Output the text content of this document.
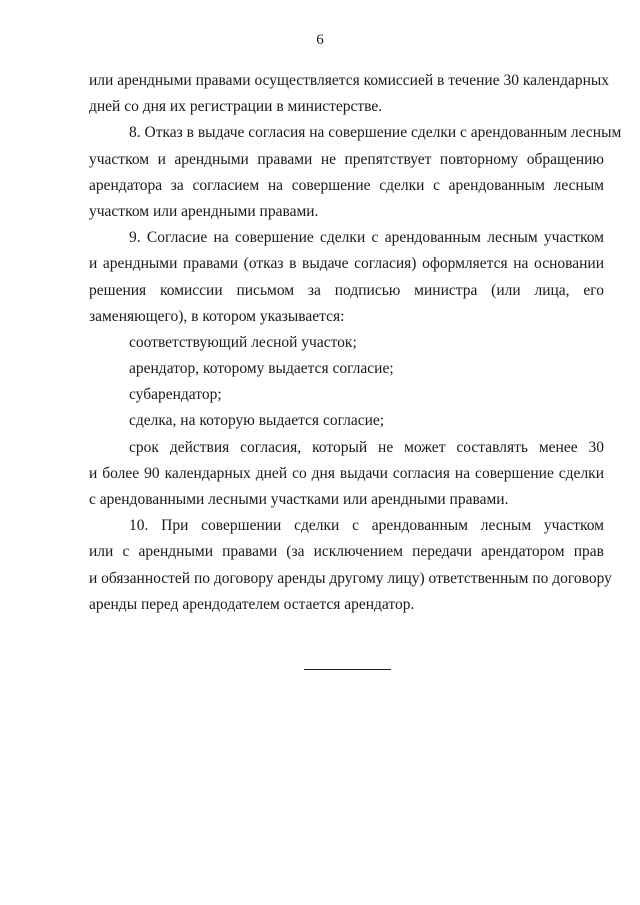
6
или арендными правами осуществляется комиссией в течение 30 календарных
дней со дня их регистрации в министерстве.
8. Отказ в выдаче согласия на совершение сделки с арендованным лесным
участком и арендными правами не препятствует повторному обращению
арендатора за согласием на совершение сделки с арендованным лесным
участком или арендными правами.
9. Согласие на совершение сделки с арендованным лесным участком
и арендными правами (отказ в выдаче согласия) оформляется на основании
решения комиссии письмом за подписью министра (или лица, его
заменяющего), в котором указывается:
соответствующий лесной участок;
арендатор, которому выдается согласие;
субарендатор;
сделка, на которую выдается согласие;
срок действия согласия, который не может составлять менее 30
и более 90 календарных дней со дня выдачи согласия на совершение сделки
с арендованными лесными участками или арендными правами.
10. При совершении сделки с арендованным лесным участком
или с арендными правами (за исключением передачи арендатором прав
и обязанностей по договору аренды другому лицу) ответственным по договору
аренды перед арендодателем остается арендатор.
